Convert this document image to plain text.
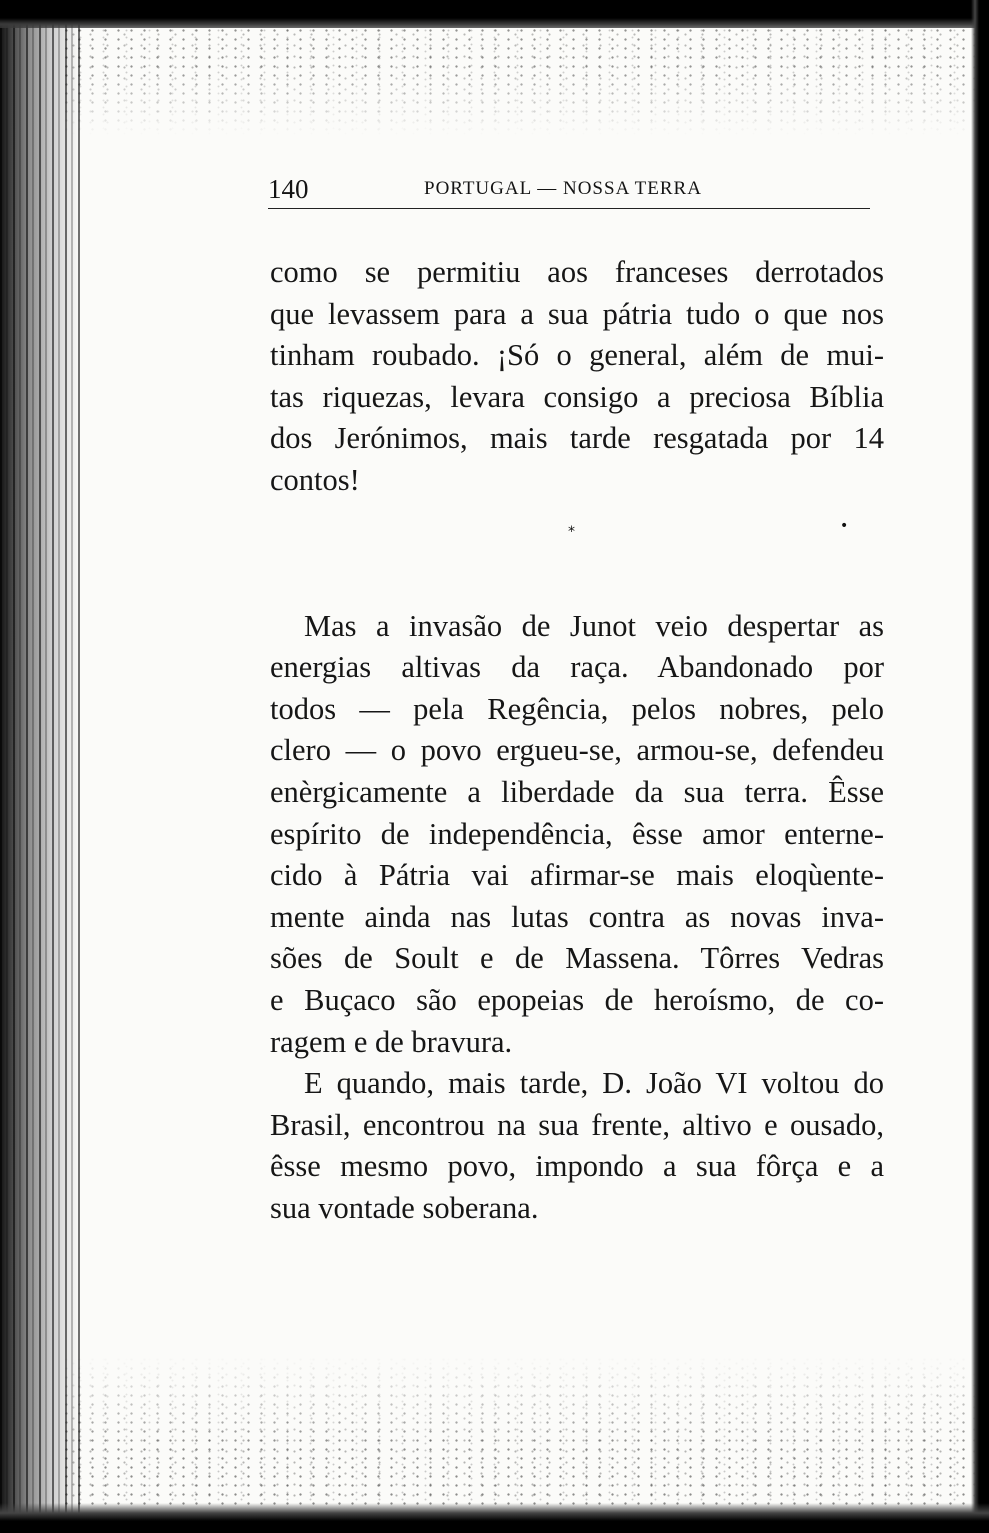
140	PORTUGAL — NOSSA TERRA

como se permitiu aos franceses derrotados
que levassem para a sua pátria tudo o que nos
tinham roubado. ¡Só o general, além de mui-
tas riquezas, levara consigo a preciosa Bíblia
dos Jerónimos, mais tarde resgatada por 14
contos!

Mas a invasão de Junot veio despertar as
energias altivas da raça. Abandonado por
todos — pela Regência, pelos nobres, pelo
clero — o povo ergueu-se, armou-se, defendeu
enèrgicamente a liberdade da sua terra. Êsse
espírito de independência, êsse amor enterne-
cido à Pátria vai afirmar-se mais eloqùente-
mente ainda nas lutas contra as novas inva-
sões de Soult e de Massena. Tôrres Vedras
e Buçaco são epopeias de heroísmo, de co-
ragem e de bravura.

E quando, mais tarde, D. João VI voltou do
Brasil, encontrou na sua frente, altivo e ousado,
êsse mesmo povo, impondo a sua fôrça e a
sua vontade soberana.

*	•
